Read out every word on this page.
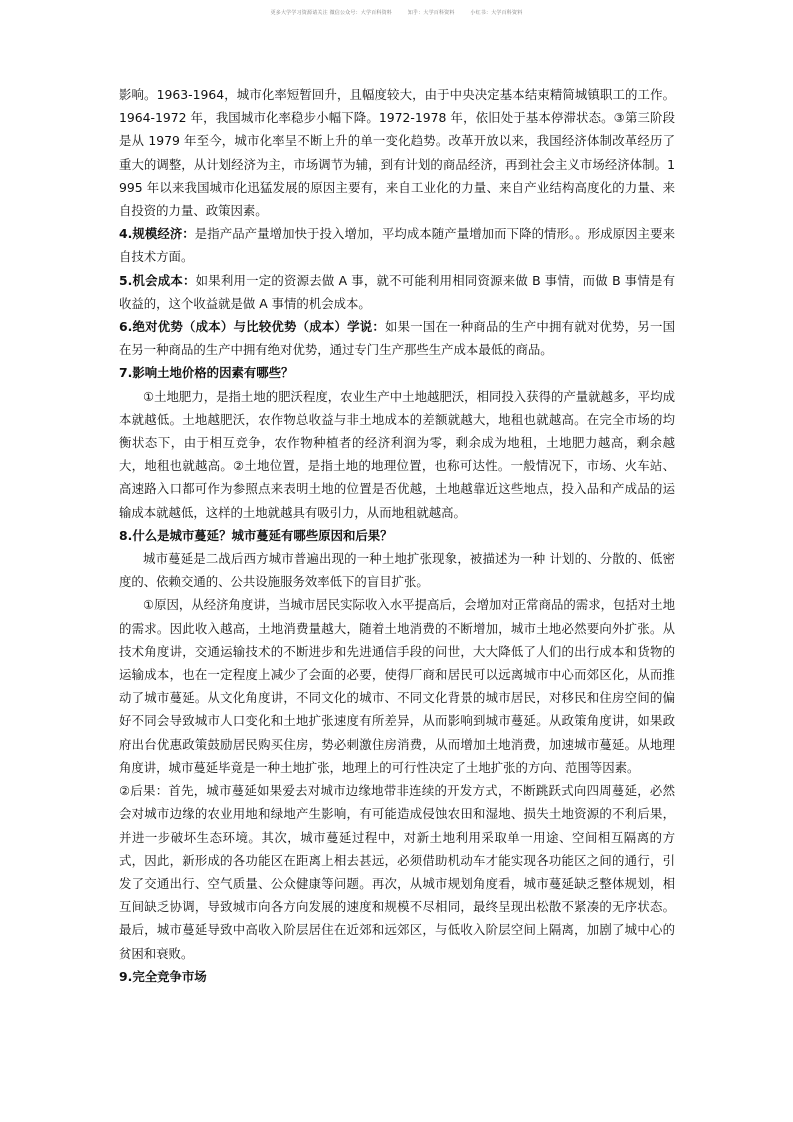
更多大学学习资源请关注 微信公众号：大学百科资料	知乎：大学百科资料	小红书：大学百科资料

影响。1963-1964，城市化率短暂回升，且幅度较大，由于中央决定基本结束精简城镇职工的工作。1964-1972 年，我国城市化率稳步小幅下降。1972-1978 年，依旧处于基本停滞状态。③第三阶段是从 1979 年至今，城市化率呈不断上升的单一变化趋势。改革开放以来，我国经济体制改革经历了重大的调整，从计划经济为主，市场调节为辅，到有计划的商品经济，再到社会主义市场经济体制。1995 年以来我国城市化迅猛发展的原因主要有，来自工业化的力量、来自产业结构高度化的力量、来自投资的力量、政策因素。

4.规模经济：是指产品产量增加快于投入增加，平均成本随产量增加而下降的情形。。形成原因主要来自技术方面。

5.机会成本：如果利用一定的资源去做 A 事，就不可能利用相同资源来做 B 事情，而做 B 事情是有收益的，这个收益就是做 A 事情的机会成本。

6.绝对优势（成本）与比较优势（成本）学说：如果一国在一种商品的生产中拥有就对优势，另一国在另一种商品的生产中拥有绝对优势，通过专门生产那些生产成本最低的商品。

7.影响土地价格的因素有哪些？

①土地肥力，是指土地的肥沃程度，农业生产中土地越肥沃，相同投入获得的产量就越多，平均成本就越低。土地越肥沃，农作物总收益与非土地成本的差额就越大，地租也就越高。在完全市场的均衡状态下，由于相互竞争，农作物种植者的经济利润为零，剩余成为地租，土地肥力越高，剩余越大，地租也就越高。②土地位置，是指土地的地理位置，也称可达性。一般情况下，市场、火车站、高速路入口都可作为参照点来表明土地的位置是否优越，土地越靠近这些地点，投入品和产成品的运输成本就越低，这样的土地就越具有吸引力，从而地租就越高。

8.什么是城市蔓延？城市蔓延有哪些原因和后果？

城市蔓延是二战后西方城市普遍出现的一种土地扩张现象，被描述为一种 计划的、分散的、低密度的、依赖交通的、公共设施服务效率低下的盲目扩张。

①原因，从经济角度讲，当城市居民实际收入水平提高后，会增加对正常商品的需求，包括对土地的需求。因此收入越高，土地消费量越大，随着土地消费的不断增加，城市土地必然要向外扩张。从技术角度讲，交通运输技术的不断进步和先进通信手段的问世，大大降低了人们的出行成本和货物的运输成本，也在一定程度上减少了会面的必要，使得厂商和居民可以远离城市中心而郊区化，从而推动了城市蔓延。从文化角度讲，不同文化的城市、不同文化背景的城市居民，对移民和住房空间的偏好不同会导致城市人口变化和土地扩张速度有所差异，从而影响到城市蔓延。从政策角度讲，如果政府出台优惠政策鼓励居民购买住房，势必刺激住房消费，从而增加土地消费，加速城市蔓延。从地理角度讲，城市蔓延毕竟是一种土地扩张，地理上的可行性决定了土地扩张的方向、范围等因素。

②后果：首先，城市蔓延如果爱去对城市边缘地带非连续的开发方式，不断跳跃式向四周蔓延，必然会对城市边缘的农业用地和绿地产生影响，有可能造成侵蚀农田和湿地、损失土地资源的不利后果，并进一步破坏生态环境。其次，城市蔓延过程中，对新土地利用采取单一用途、空间相互隔离的方式，因此，新形成的各功能区在距离上相去甚远，必须借助机动车才能实现各功能区之间的通行，引发了交通出行、空气质量、公众健康等问题。再次，从城市规划角度看，城市蔓延缺乏整体规划，相互间缺乏协调，导致城市向各方向发展的速度和规模不尽相同，最终呈现出松散不紧凑的无序状态。最后，城市蔓延导致中高收入阶层居住在近郊和远郊区，与低收入阶层空间上隔离，加剧了城中心的贫困和衰败。

9.完全竞争市场
